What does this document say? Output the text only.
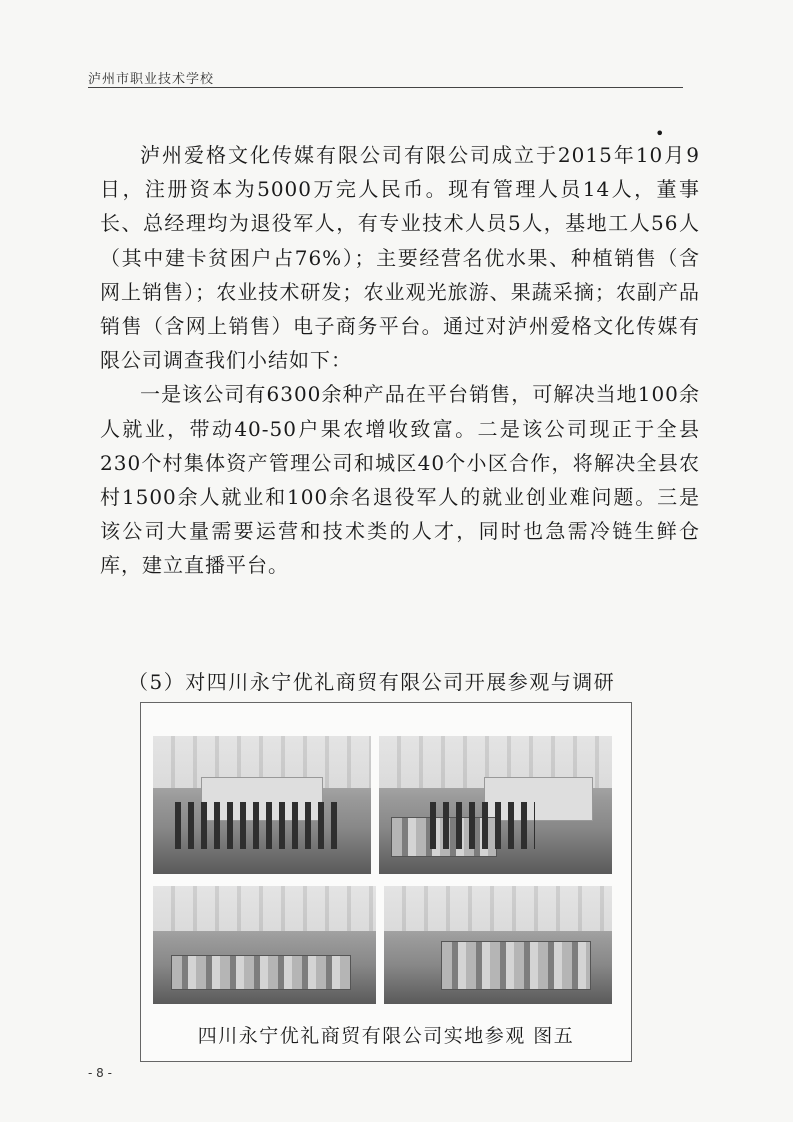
泸州市职业技术学校
•

泸州爱格文化传媒有限公司有限公司成立于2015年10月9日，注册资本为5000万完人民币。现有管理人员14人，董事长、总经理均为退役军人，有专业技术人员5人，基地工人56人（其中建卡贫困户占76%）；主要经营名优水果、种植销售（含网上销售）；农业技术研发；农业观光旅游、果蔬采摘；农副产品销售（含网上销售）电子商务平台。通过对泸州爱格文化传媒有限公司调查我们小结如下：

一是该公司有6300余种产品在平台销售，可解决当地100余人就业，带动40-50户果农增收致富。二是该公司现正于全县230个村集体资产管理公司和城区40个小区合作，将解决全县农村1500余人就业和100余名退役军人的就业创业难问题。三是该公司大量需要运营和技术类的人才，同时也急需冷链生鲜仓库，建立直播平台。

（5）对四川永宁优礼商贸有限公司开展参观与调研
四川永宁优礼商贸有限公司实地参观 图五
- 8 -
